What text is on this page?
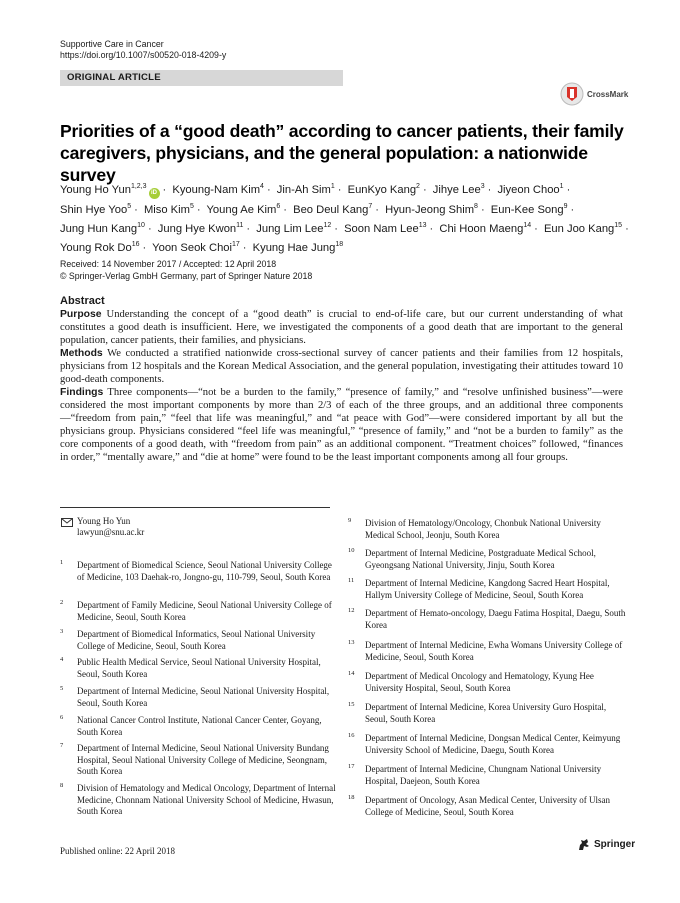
Supportive Care in Cancer
https://doi.org/10.1007/s00520-018-4209-y
ORIGINAL ARTICLE
CrossMark
Priorities of a “good death” according to cancer patients, their family caregivers, physicians, and the general population: a nationwide survey
Young Ho Yun$^{1,2,3}$iD · Kyoung-Nam Kim$^4$ · Jin-Ah Sim$^1$ · EunKyo Kang$^2$ · Jihye Lee$^3$ · Jiyeon Choo$^1$ · Shin Hye Yoo$^5$ · Miso Kim$^5$ · Young Ae Kim$^6$ · Beo Deul Kang$^7$ · Hyun-Jeong Shim$^8$ · Eun-Kee Song$^9$ · Jung Hun Kang$^{10}$ · Jung Hye Kwon$^{11}$ · Jung Lim Lee$^{12}$ · Soon Nam Lee$^{13}$ · Chi Hoon Maeng$^{14}$ · Eun Joo Kang$^{15}$ · Young Rok $Do^{16}$ · Yoon Seok Choi$^{17}$ · Kyung Hae Jung$^{18}$
Received: 14 November 2017 / Accepted: 12 April 2018
© Springer-Verlag GmbH Germany, part of Springer Nature 2018
Abstract

Purpose Understanding the concept of a “good death” is crucial to end-of-life care, but our current understanding of what constitutes a good death is insufficient. Here, we investigated the components of a good death that are important to the general population, cancer patients, their families, and physicians.

Methods We conducted a stratified nationwide cross-sectional survey of cancer patients and their families from 12 hospitals, physicians from 12 hospitals and the Korean Medical Association, and the general population, investigating their attitudes toward 10 good-death components.

Findings Three components—“not be a burden to the family,” “presence of family,” and “resolve unfinished business”—were considered the most important components by more than 2/3 of each of the three groups, and an additional three components—“freedom from pain,” “feel that life was meaningful,” and “at peace with God”—were considered important by all but the physicians group. Physicians considered “feel life was meaningful,” “presence of family,” and “not be a burden to family” as the core components of a good death, with “freedom from pain” as an additional component. “Treatment choices” followed, “finances in order,” “mentally aware,” and “die at home” were found to be the least important components among all four groups.

Young Ho Yun
lawyun@snu.ac.kr
1 Department of Biomedical Science, Seoul National University College of Medicine, 103 Daehak-ro, Jongno-gu, 110-799, Seoul, South Korea
2 Department of Family Medicine, Seoul National University College of Medicine, Seoul, South Korea
3 Department of Biomedical Informatics, Seoul National University College of Medicine, Seoul, South Korea
4 Public Health Medical Service, Seoul National University Hospital, Seoul, South Korea
5 Department of Internal Medicine, Seoul National University Hospital, Seoul, South Korea
6 National Cancer Control Institute, National Cancer Center, Goyang, South Korea
7 Department of Internal Medicine, Seoul National University Bundang Hospital, Seoul National University College of Medicine, Seongnam, South Korea
8 Division of Hematology and Medical Oncology, Department of Internal Medicine, Chonnam National University School of Medicine, Hwasun, South Korea
9 Division of Hematology/Oncology, Chonbuk National University Medical School, Jeonju, South Korea
10 Department of Internal Medicine, Postgraduate Medical School, Gyeongsang National University, Jinju, South Korea
11 Department of Internal Medicine, Kangdong Sacred Heart Hospital, Hallym University College of Medicine, Seoul, South Korea
12 Department of Hemato-oncology, Daegu Fatima Hospital, Daegu, South Korea
13 Department of Internal Medicine, Ewha Womans University College of Medicine, Seoul, South Korea
14 Department of Medical Oncology and Hematology, Kyung Hee University Hospital, Seoul, South Korea
15 Department of Internal Medicine, Korea University Guro Hospital, Seoul, South Korea
16 Department of Internal Medicine, Dongsan Medical Center, Keimyung University School of Medicine, Daegu, South Korea
17 Department of Internal Medicine, Chungnam National University Hospital, Daejeon, South Korea
18 Department of Oncology, Asan Medical Center, University of Ulsan College of Medicine, Seoul, South Korea
Published online: 22 April 2018
Springer
